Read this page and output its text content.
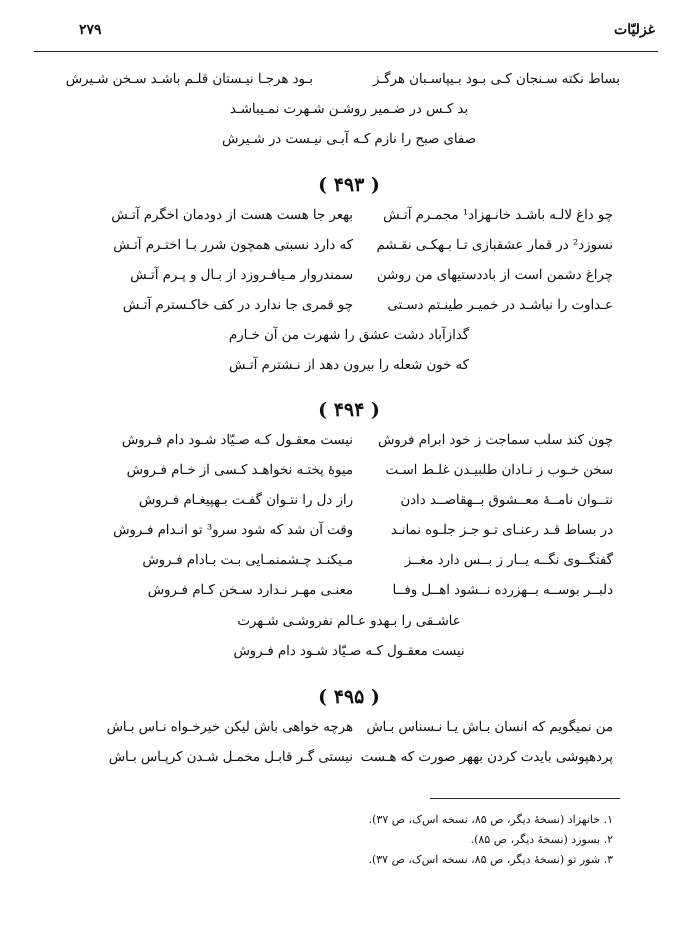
غزلیّات
۲۷۹
بساط نکته سـنجان کـی بـود بـیپاسـبان هرگـز
بـود هرجـا نیـستان قلـم باشـد سـخن شـیرش
بد کـس در ضـمیر روشـن شـهرت نمـیباشـد
صفای صبح را نازم کـه آبـی نیـست در شـیرش
( ۴۹۳ )
چو داغ لالـه باشـد خانـهزاد¹ مجمـرم آتـش
بهعر جا هست هست از دودمان اخگرم آتـش
نسوزد² در قمار عشقبازی تـا بـهکـی نقـشم
که دارد نسبتی همچون شرر بـا اختـرم آتـش
چراغ دشمن است از باددستیهای من روشن
سمندروار مـیافـروزد از بـال و پـرم آتـش
عـداوت را نباشـد در خمیـر طینـتم دسـتی
چو قمری جا ندارد در کف خاکـسترم آتـش
گدازآباد دشت عشق را شهرت من آن خـارم
که خون شعله را بیرون دهد از نـشترم آتـش
( ۴۹۴ )
چون کند سلب سماجت ز خود ابرام فروش
نیست معقـول کـه صـیّاد شـود دام فـروش
سخن خـوب ز نـادان طلبیـدن غلـط اسـت
میوۀ پختـه نخواهـد کـسی از خـام فـروش
نتــوان نامــۀ معــشوق بــهقاصــد دادن
راز دل را نتـوان گفـت بـهپیغـام فـروش
در بساط قـد رعنـای تـو جـز جلـوه نمانـد
وقت آن شد که شود سرو³ تو انـدام فـروش
گفتگــوی نگــه یــار ز بــس دارد مغــز
مـیکنـد چـشمنمـایی بـت بـادام فـروش
دلبــر بوســه بــهزرده نــشود اهــل وفــا
معنـی مهـر نـدارد سـخن کـام فـروش
عاشـقی را بـهدو عـالم نفروشـی شـهرت
نیست معقـول کـه صـیّاد شـود دام فـروش
( ۴۹۵ )
من نمیگویم که انسان بـاش یـا نـسناس بـاش
هرچه خواهی باش لیکن خیرخـواه نـاس بـاش
پردهپوشی بایدت کردن بههر صورت که هـست
نیستی گـر قابـل مخمـل شـدن کرپـاس بـاش
۱. خانهزاد (نسخۀ دیگر، ص ۸۵، نسخه اس‌ک، ص ۳۷).
۲. بسوزد (نسخۀ دیگر، ص ۸۵).
۳. شور تو (نسخۀ دیگر، ص ۸۵، نسخه اس‌ک، ص ۳۷).
